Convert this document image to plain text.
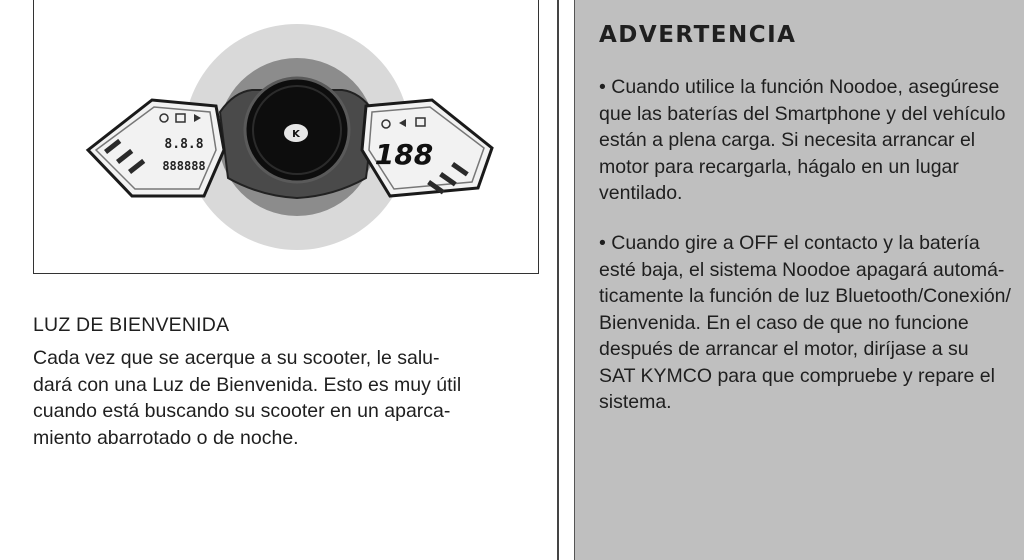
K
8.8.8
888888	188
LUZ DE BIENVENIDA

Cada vez que se acerque a su scooter, le salu-
dará con una Luz de Bienvenida. Esto es muy útil
cuando está buscando su scooter en un aparca-
miento abarrotado o de noche.

ADVERTENCIA

• Cuando utilice la función Noodoe, asegúrese
que las baterías del Smartphone y del vehículo
están a plena carga. Si necesita arrancar el
motor para recargarla, hágalo en un lugar
ventilado.

• Cuando gire a OFF el contacto y la batería
esté baja, el sistema Noodoe apagará automá-
ticamente la función de luz Bluetooth/Conexión/
Bienvenida. En el caso de que no funcione
después de arrancar el motor, diríjase a su
SAT KYMCO para que compruebe y repare el
sistema.
